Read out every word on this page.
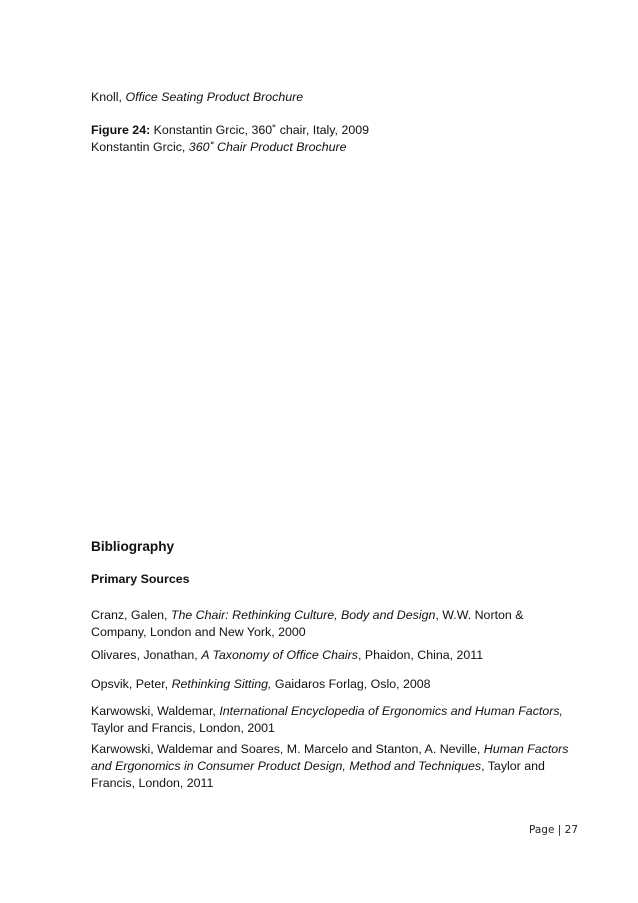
Knoll, Office Seating Product Brochure
Figure 24: Konstantin Grcic, 360˚ chair, Italy, 2009
Konstantin Grcic, 360˚ Chair Product Brochure
Bibliography
Primary Sources
Cranz, Galen, The Chair: Rethinking Culture, Body and Design, W.W. Norton & Company, London and New York, 2000
Olivares, Jonathan, A Taxonomy of Office Chairs, Phaidon, China, 2011
Opsvik, Peter, Rethinking Sitting, Gaidaros Forlag, Oslo, 2008
Karwowski, Waldemar, International Encyclopedia of Ergonomics and Human Factors, Taylor and Francis, London, 2001
Karwowski, Waldemar and Soares, M. Marcelo and Stanton, A. Neville, Human Factors and Ergonomics in Consumer Product Design, Method and Techniques, Taylor and Francis, London, 2011
Page | 27
